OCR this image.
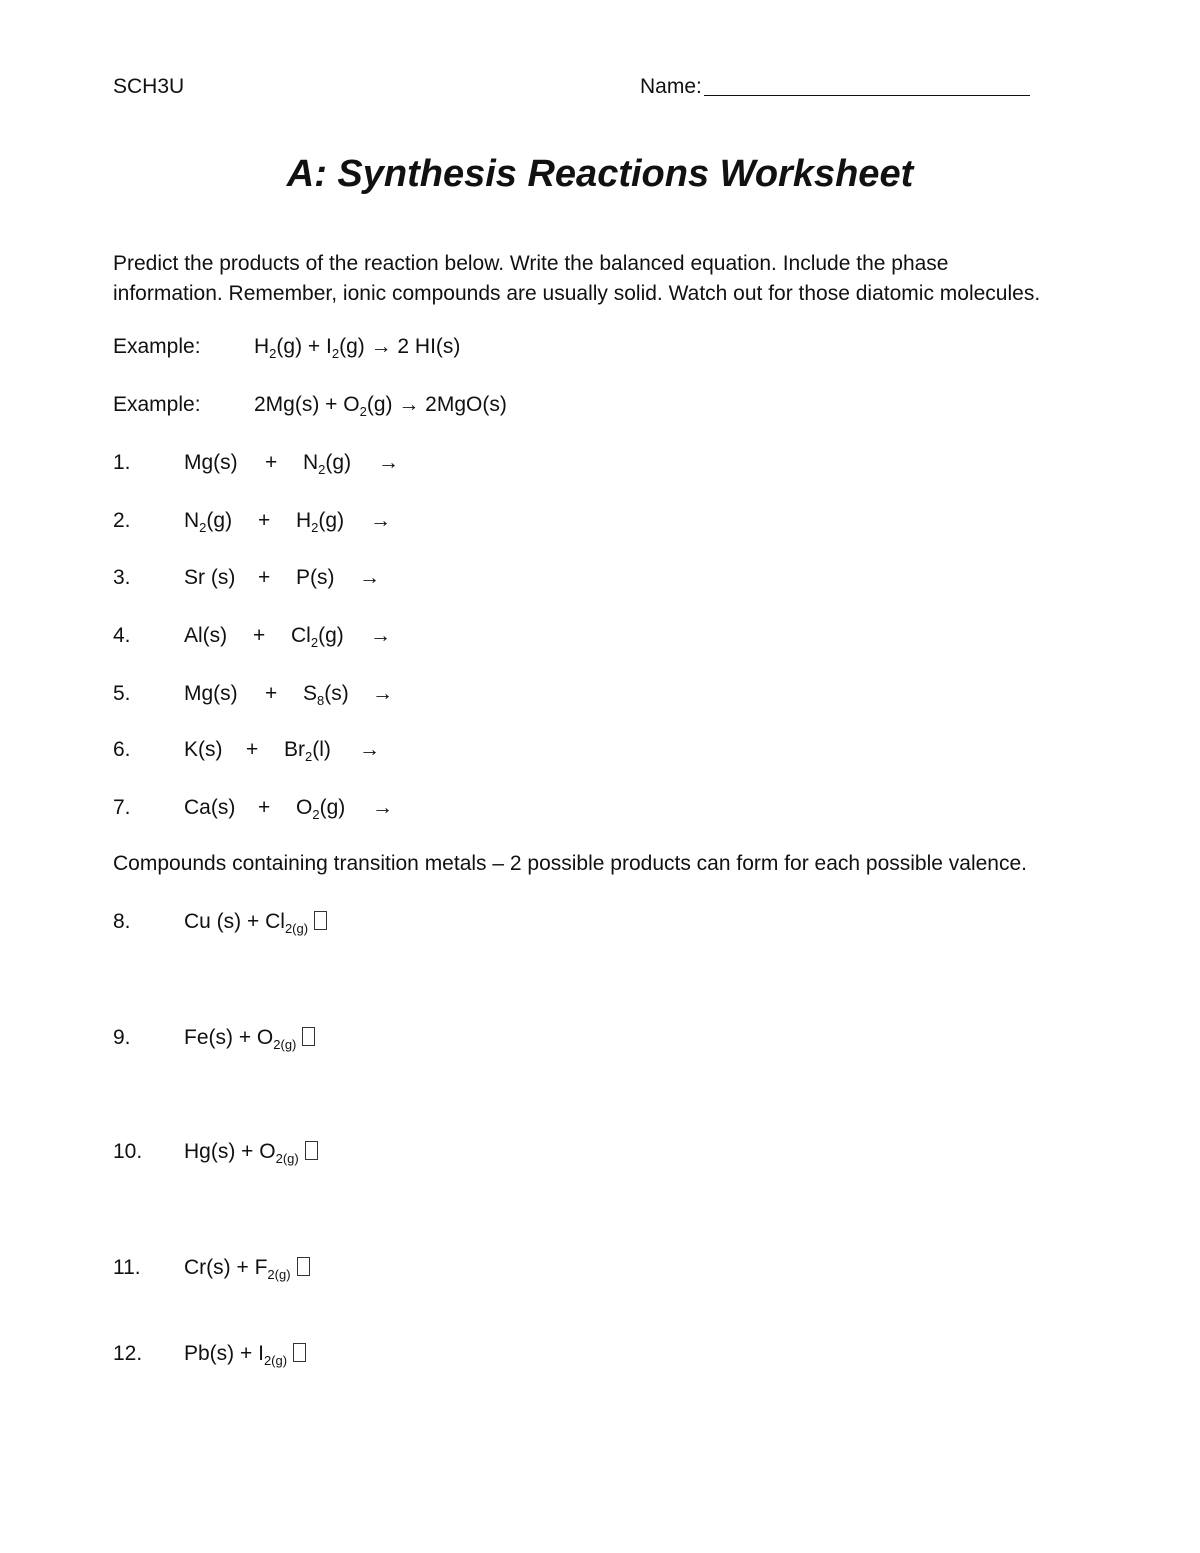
SCH3U	Name:
A: Synthesis Reactions Worksheet
Predict the products of the reaction below. Write the balanced equation. Include the phase
information. Remember, ionic compounds are usually solid. Watch out for those diatomic molecules.
Example:	$H_2(g) + I_2(g) \to 2$ HI(s)
Example:	$2Mg(s) + O_2(g) \to 2MgO(s)$
1.	$Mg(s) + N_2(g)$ →
2.	$N_2(g) + H_2(g)$ →
3.	Sr (s) + P(s) →
4.	$Al(s) + Cl_2(g)$ →
5.	$Mg(s) + S_8(s)$ →
6.	$K(s) + Br_2(l)$ →
7.	$Ca(s) + O_2(g)$ →
Compounds containing transition metals – 2 possible products can form for each possible valence.
8.	Cu $(s) + Cl_{2(g)}$
9.	$Fe(s) + O_{2(g)}$
10. $Hg(s) + O_{2(g)}$
11. $Cr(s) + F_{2(g)}$
12. $Pb(s) + I_{2(g)}$
